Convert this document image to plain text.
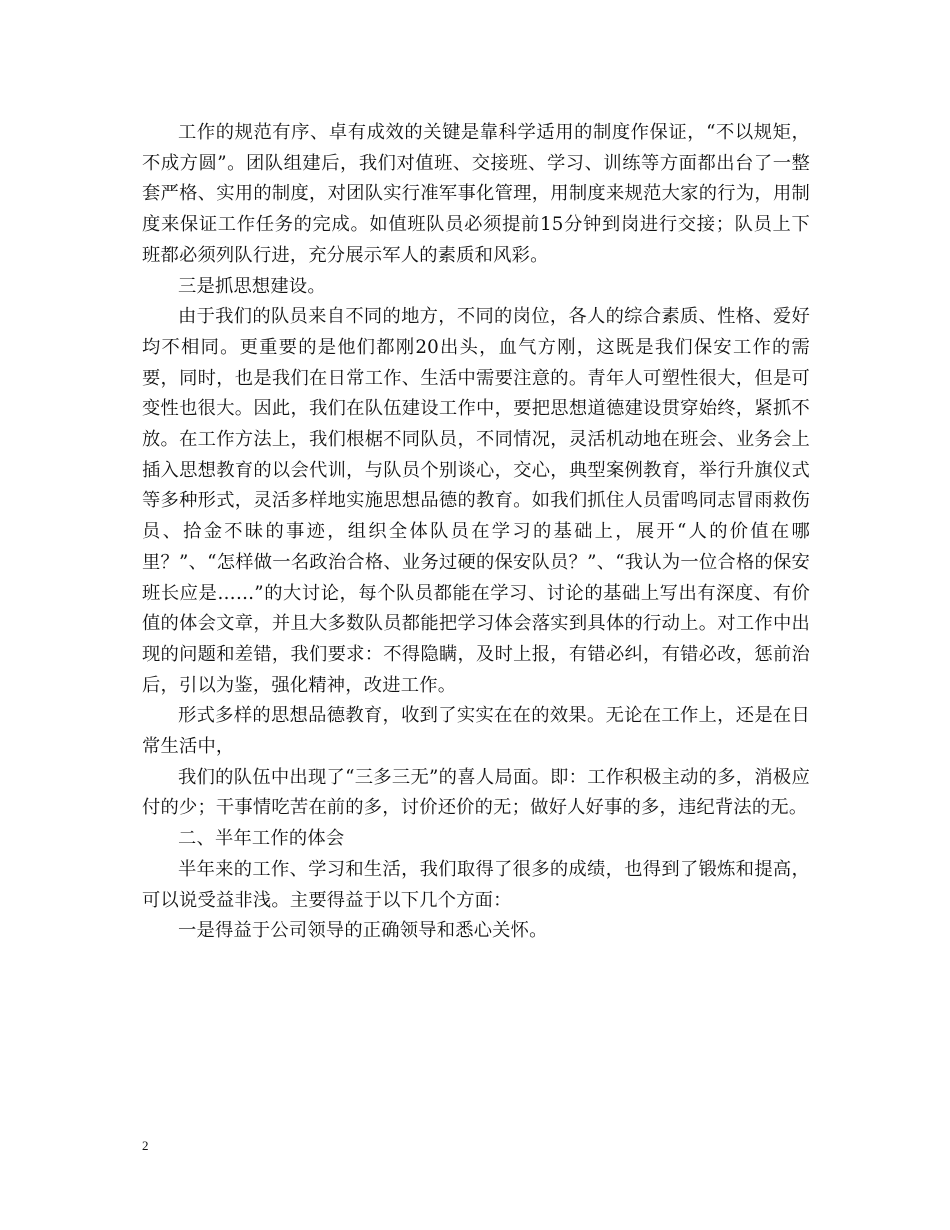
工作的规范有序、卓有成效的关键是靠科学适用的制度作保证，“不以规矩，不成方圆”。团队组建后，我们对值班、交接班、学习、训练等方面都出台了一整套严格、实用的制度，对团队实行准军事化管理，用制度来规范大家的行为，用制度来保证工作任务的完成。如值班队员必须提前15分钟到岗进行交接；队员上下班都必须列队行进，充分展示军人的素质和风彩。

三是抓思想建设。

由于我们的队员来自不同的地方，不同的岗位，各人的综合素质、性格、爱好均不相同。更重要的是他们都刚20出头，血气方刚，这既是我们保安工作的需要，同时，也是我们在日常工作、生活中需要注意的。青年人可塑性很大，但是可变性也很大。因此，我们在队伍建设工作中，要把思想道德建设贯穿始终，紧抓不放。在工作方法上，我们根椐不同队员，不同情况，灵活机动地在班会、业务会上插入思想教育的以会代训，与队员个别谈心，交心，典型案例教育，举行升旗仪式等多种形式，灵活多样地实施思想品德的教育。如我们抓住人员雷鸣同志冒雨救伤员、拾金不昧的事迹，组织全体队员在学习的基础上，展开“人的价值在哪里？”、“怎样做一名政治合格、业务过硬的保安队员？”、“我认为一位合格的保安班长应是……”的大讨论，每个队员都能在学习、讨论的基础上写出有深度、有价值的体会文章，并且大多数队员都能把学习体会落实到具体的行动上。对工作中出现的问题和差错，我们要求：不得隐瞒，及时上报，有错必纠，有错必改，惩前治后，引以为鉴，强化精神，改进工作。

形式多样的思想品德教育，收到了实实在在的效果。无论在工作上，还是在日常生活中，

我们的队伍中出现了“三多三无”的喜人局面。即：工作积极主动的多，消极应付的少；干事情吃苦在前的多，讨价还价的无；做好人好事的多，违纪背法的无。

二、半年工作的体会

半年来的工作、学习和生活，我们取得了很多的成绩，也得到了锻炼和提高，可以说受益非浅。主要得益于以下几个方面：

一是得益于公司领导的正确领导和悉心关怀。

2
